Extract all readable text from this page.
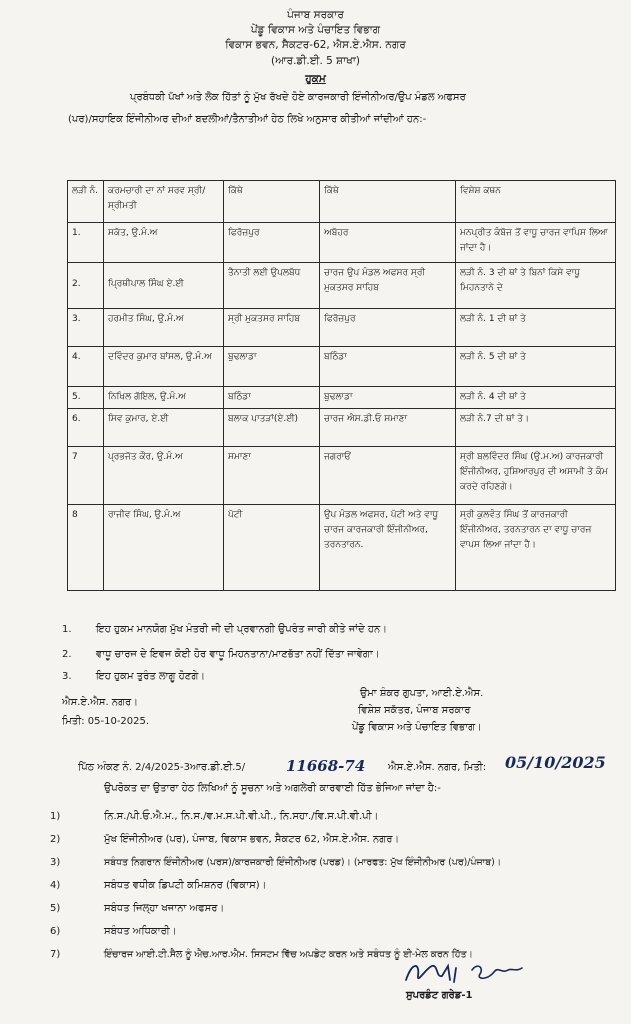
ਪੰਜਾਬ ਸਰਕਾਰ
ਪੇਂਡੂ ਵਿਕਾਸ ਅਤੇ ਪੰਚਾਇਤ ਵਿਭਾਗ
ਵਿਕਾਸ ਭਵਨ, ਸੈਕਟਰ-62, ਐਸ.ਏ.ਐਸ. ਨਗਰ
(ਆਰ.ਡੀ.ਈ. 5 ਸ਼ਾਖਾ)
ਹੁਕਮ
ਪ੍ਰਬੰਧਕੀ ਪੱਖਾਂ ਅਤੇ ਲੋਕ ਹਿੱਤਾਂ ਨੂੰ ਮੁੱਖ ਰੱਖਦੇ ਹੋਏ ਕਾਰਜਕਾਰੀ ਇੰਜੀਨੀਅਰ/ਉਪ ਮੰਡਲ ਅਫਸਰ
(ਪਰ)/ਸਹਾਇਕ ਇੰਜੀਨੀਅਰ ਦੀਆਂ ਬਦਲੀਆਂ/ਤੈਨਾਤੀਆਂ ਹੇਠ ਲਿਖੇ ਅਨੁਸਾਰ ਕੀਤੀਆਂ ਜਾਂਦੀਆਂ ਹਨ:-
ਲੜੀ ਨੰ.	ਕਰਮਚਾਰੀ ਦਾ ਨਾਂ ਸਰਵ ਸ੍ਰੀ/ਸ੍ਰੀਮਤੀ	ਕਿੱਥੇ	ਕਿੱਥੇ	ਵਿਸ਼ੇਸ਼ ਕਥਨ
1.	ਸਕੱਤ, ਉ.ਮੰ.ਅ	ਫਿਰੋਜ਼ਪੁਰ	ਅਬੋਹਰ	ਮਨਪ੍ਰੀਤ ਕੰਬੋਜ ਤੋਂ ਵਾਧੂ ਚਾਰਜ ਵਾਪਿਸ ਲਿਆ ਜਾਂਦਾ ਹੈ।
2.	ਪ੍ਰਿਥੀਪਾਲ ਸਿੰਘ ਏ.ਈ	ਤੈਨਾਤੀ ਲਈ ਉਪਲਬੱਧ	ਚਾਰਜ ਉਪ ਮੰਡਲ ਅਫਸਰ ਸ੍ਰੀ ਮੁਕਤਸਰ ਸਾਹਿਬ	ਲੜੀ ਨੰ. 3 ਦੀ ਥਾਂ ਤੇ ਬਿਨਾਂ ਕਿਸੇ ਵਾਧੂ ਮਿਹਨਤਾਨੇ ਦੇ
3.	ਹਰਮੀਤ ਸਿੰਘ, ਉ.ਮੰ.ਅ	ਸ੍ਰੀ ਮੁਕਤਸਰ ਸਾਹਿਬ	ਫਿਰੋਜ਼ਪੁਰ	ਲੜੀ ਨੰ. 1 ਦੀ ਥਾਂ ਤੇ
4.	ਦਵਿੰਦਰ ਕੁਮਾਰ ਬਾਂਸਲ, ਉ.ਮੰ.ਅ	ਬੁਢਲਾਡਾ	ਬਠਿੰਡਾ	ਲੜੀ ਨੰ. 5 ਦੀ ਥਾਂ ਤੇ
5.	ਨਿਖਿਲ ਗੋਇਲ, ਉ.ਮੰ.ਅ	ਬਠਿੰਡਾ	ਬੁਢਲਾਡਾ	ਲੜੀ ਨੰ. 4 ਦੀ ਥਾਂ ਤੇ
6.	ਸਿਵ ਕੁਮਾਰ, ਏ.ਈ	ਬਲਾਕ ਪਾਤੜਾਂ(ਏ.ਈ)	ਚਾਰਜ ਐਸ.ਡੀ.ਓ ਸਮਾਣਾ	ਲੜੀ ਨੰ.7 ਦੀ ਥਾਂ ਤੇ।
7	ਪ੍ਰਭਜੋਤ ਕੌਰ, ਉ.ਮੰ.ਅ	ਸਮਾਣਾ	ਜਗਰਾਓਂ	ਸ੍ਰੀ ਬਲਵਿੰਦਰ ਸਿੰਘ (ਉ.ਮ.ਅ) ਕਾਰਜਕਾਰੀ ਇੰਜੀਨੀਅਰ, ਹੁਸ਼ਿਆਰਪੁਰ ਦੀ ਅਸਾਮੀ ਤੇ ਕੰਮ ਕਰਦੇ ਰਹਿਣਗੇ।
8	ਰਾਜੀਵ ਸਿੰਘ, ਉ.ਮੰ.ਅ	ਪੱਟੀ	ਉਪ ਮੰਡਲ ਅਫਸਰ, ਪੱਟੀ ਅਤੇ ਵਾਧੂ ਚਾਰਜ ਕਾਰਜਕਾਰੀ ਇੰਜੀਨੀਅਰ, ਤਰਨਤਾਰਨ.	ਸ੍ਰੀ ਕੁਲਵੰਤ ਸਿੰਘ ਤੋਂ ਕਾਰਜਕਾਰੀ ਇੰਜੀਨੀਅਰ, ਤਰਨਤਾਰਨ ਦਾ ਵਾਧੂ ਚਾਰਜ ਵਾਪਸ ਲਿਆ ਜਾਂਦਾ ਹੈ।
1. ਇਹ ਹੁਕਮ ਮਾਨਯੋਗ ਮੁੱਖ ਮੰਤਰੀ ਜੀ ਦੀ ਪ੍ਰਵਾਨਗੀ ਉਪਰੰਤ ਜਾਰੀ ਕੀਤੇ ਜਾਂਦੇ ਹਨ।
2. ਵਾਧੂ ਚਾਰਜ ਦੇ ਇਵਜ ਕੋਈ ਹੋਰ ਵਾਧੂ ਮਿਹਨਤਾਨਾ/ਮਾਣਭੱਤਾ ਨਹੀਂ ਦਿੱਤਾ ਜਾਵੇਗਾ।
3. ਇਹ ਹੁਕਮ ਤੁਰੰਤ ਲਾਗੂ ਹੋਣਗੇ।
ਐਸ.ਏ.ਐਸ. ਨਗਰ।
ਮਿਤੀ: 05-10-2025.
ਉਮਾ ਸ਼ੰਕਰ ਗੁਪਤਾ, ਆਈ.ਏ.ਐਸ.
ਵਿਸ਼ੇਸ਼ ਸਕੱਤਰ, ਪੰਜਾਬ ਸਰਕਾਰ
ਪੇਂਡੂ ਵਿਕਾਸ ਅਤੇ ਪੰਚਾਇਤ ਵਿਭਾਗ।
ਪਿੱਠ ਅੰਕਣ ਨੰ. 2/4/2025-3ਆਰ.ਡੀ.ਈ.5/	11668-74 ਐਸ.ਏ.ਐਸ. ਨਗਰ, ਮਿਤੀ: 05/10/2025
ਉਪਰੋਕਤ ਦਾ ਉਤਾਰਾ ਹੇਠ ਲਿਖਿਆਂ ਨੂੰ ਸੂਚਨਾ ਅਤੇ ਅਗਲੇਰੀ ਕਾਰਵਾਈ ਹਿੱਤ ਭੇਜਿਆ ਜਾਂਦਾ ਹੈ:-
1)	ਨਿ.ਸ./ਪੀ.ਓ.ਐ.ਮ., ਨਿ.ਸ./ਵ.ਮ.ਸ.ਪੀ.ਵੀ.ਪੀ., ਨਿ.ਸਹਾ./ਵਿ.ਸ.ਪੀ.ਵੀ.ਪੀ।
2)	ਮੁੱਖ ਇੰਜੀਨੀਅਰ (ਪਰ), ਪੰਜਾਬ, ਵਿਕਾਸ ਭਵਨ, ਸੈਕਟਰ 62, ਐਸ.ਏ.ਐਸ. ਨਗਰ।
3)	ਸਬੰਧਤ ਨਿਗਰਾਨ ਇੰਜੀਨੀਅਰ (ਪਰਸ)/ਕਾਰਜਕਾਰੀ ਇੰਜੀਨੀਅਰ (ਪਰਡ)। (ਮਾਰਫਤ: ਮੁੱਖ ਇੰਜੀਨੀਅਰ (ਪਰ)/ਪੰਜਾਬ)।
4)	ਸਬੰਧਤ ਵਧੀਕ ਡਿਪਟੀ ਕਮਿਸ਼ਨਰ (ਵਿਕਾਸ)।
5)	ਸਬੰਧਤ ਜਿਲ੍ਹਾ ਖਜਾਨਾ ਅਫਸਰ।
6)	ਸਬੰਧਤ ਅਧਿਕਾਰੀ।
7)	ਇੰਚਾਰਜ ਆਈ.ਟੀ.ਸੈਲ ਨੂੰ ਐਚ.ਆਰ.ਐਮ. ਸਿਸਟਮ ਵਿੱਚ ਅਪਡੇਟ ਕਰਨ ਅਤੇ ਸਬੰਧਤ ਨੂੰ ਈ-ਮੇਲ ਕਰਨ ਹਿੱਤ।
ਸੁਪਰਡੰਟ ਗਰੇਡ-1
